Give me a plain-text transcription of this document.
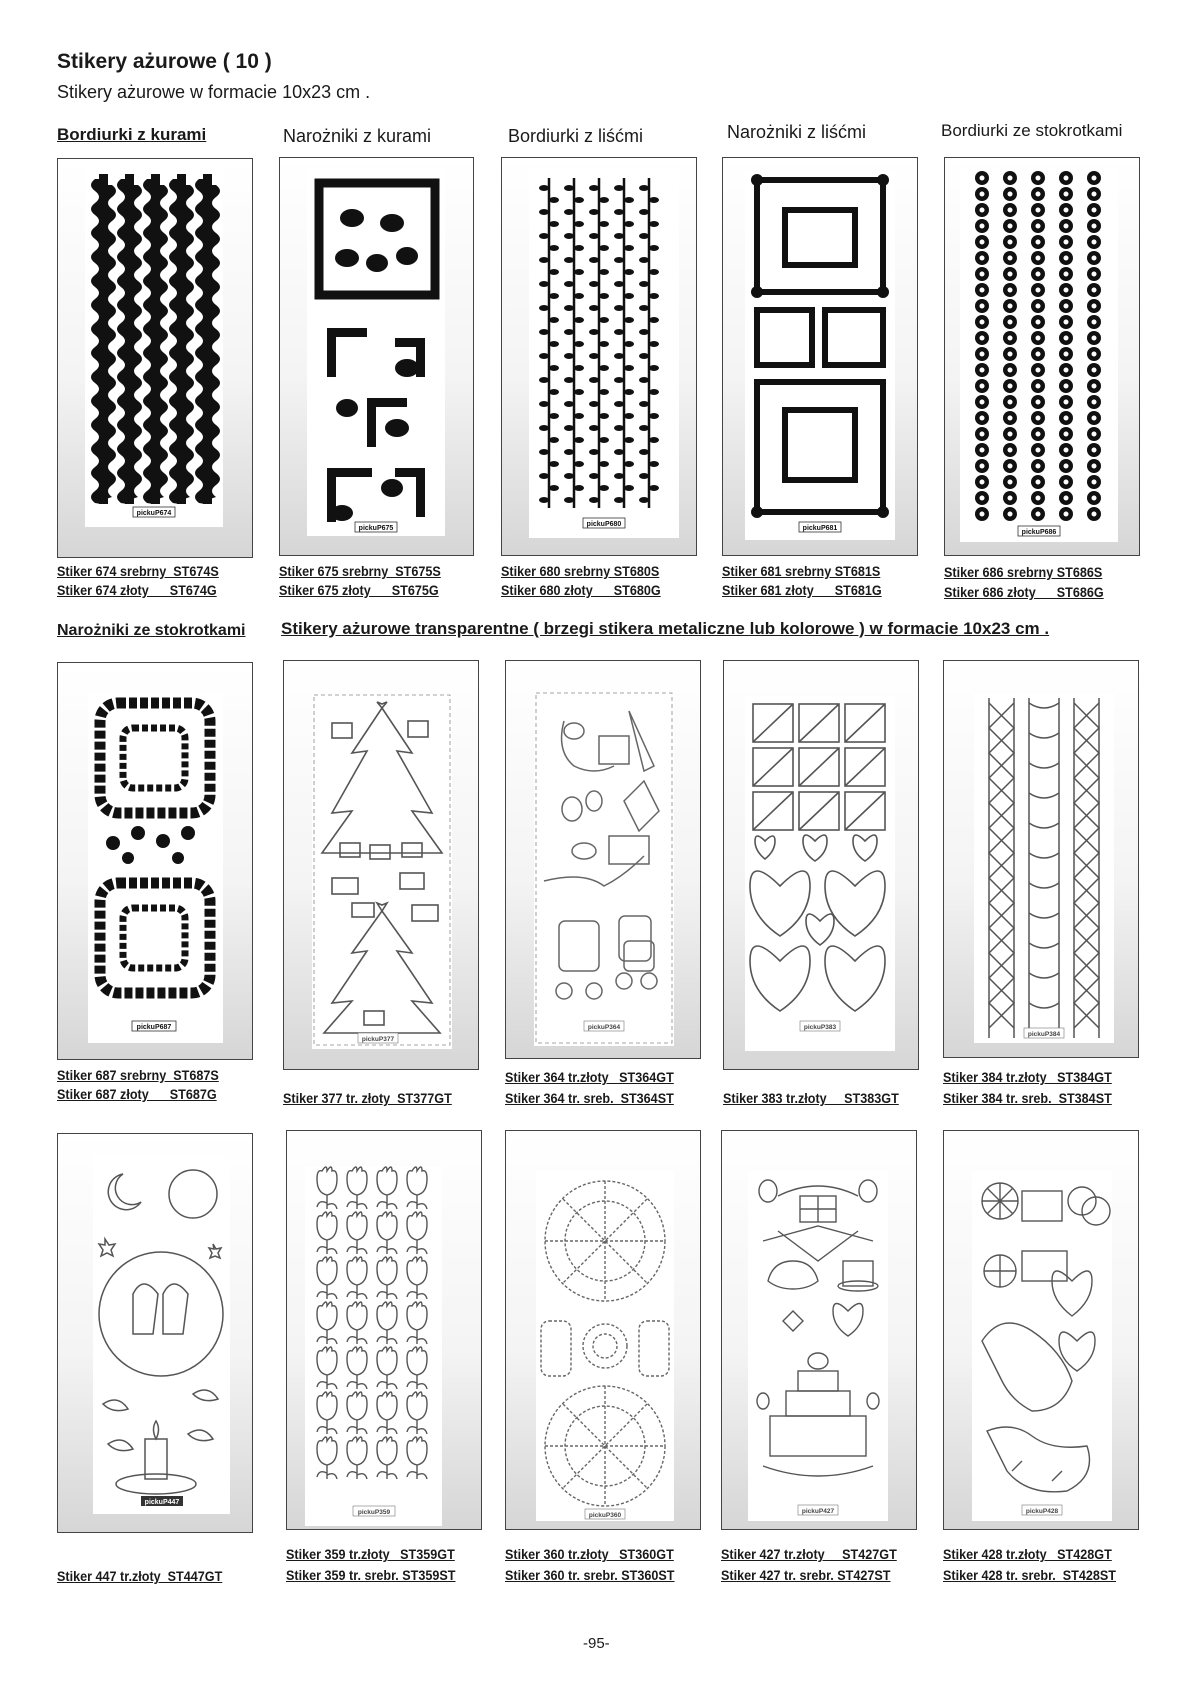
Stikery ażurowe ( 10 )
Stikery ażurowe w formacie 10x23 cm .
Bordiurki z kurami	Narożniki z kurami	Bordiurki z liśćmi	Narożniki z liśćmi	Bordiurki ze stokrotkami
pickuP674
Stiker 674 srebrny  ST674S
Stiker 674 złoty      ST674G
pickuP675
Stiker 675 srebrny  ST675S
Stiker 675 złoty      ST675G
pickuP680
Stiker 680 srebrny ST680S
Stiker 680 złoty      ST680G
pickuP681
Stiker 681 srebrny ST681S
Stiker 681 złoty      ST681G
pickuP686
Stiker 686 srebrny ST686S
Stiker 686 złoty      ST686G
Narożniki ze stokrotkami Stikery ażurowe transparentne ( brzegi stikera metaliczne lub kolorowe ) w formacie 10x23 cm .
pickuP687
Stiker 687 srebrny  ST687S
Stiker 687 złoty      ST687G
pickuP377
Stiker 377 tr. złoty  ST377GT
pickuP364
Stiker 364 tr.złoty   ST364GT
Stiker 364 tr. sreb.  ST364ST
pickuP383
Stiker 383 tr.złoty     ST383GT
pickuP384
Stiker 384 tr.złoty   ST384GT
Stiker 384 tr. sreb.  ST384ST
pickuP447
Stiker 447 tr.złoty  ST447GT
pickuP359
Stiker 359 tr.złoty   ST359GT
Stiker 359 tr. srebr. ST359ST
pickuP360
Stiker 360 tr.złoty   ST360GT
Stiker 360 tr. srebr. ST360ST
pickuP427
Stiker 427 tr.złoty     ST427GT
Stiker 427 tr. srebr. ST427ST
pickuP428
Stiker 428 tr.złoty   ST428GT
Stiker 428 tr. srebr.  ST428ST
-95-
